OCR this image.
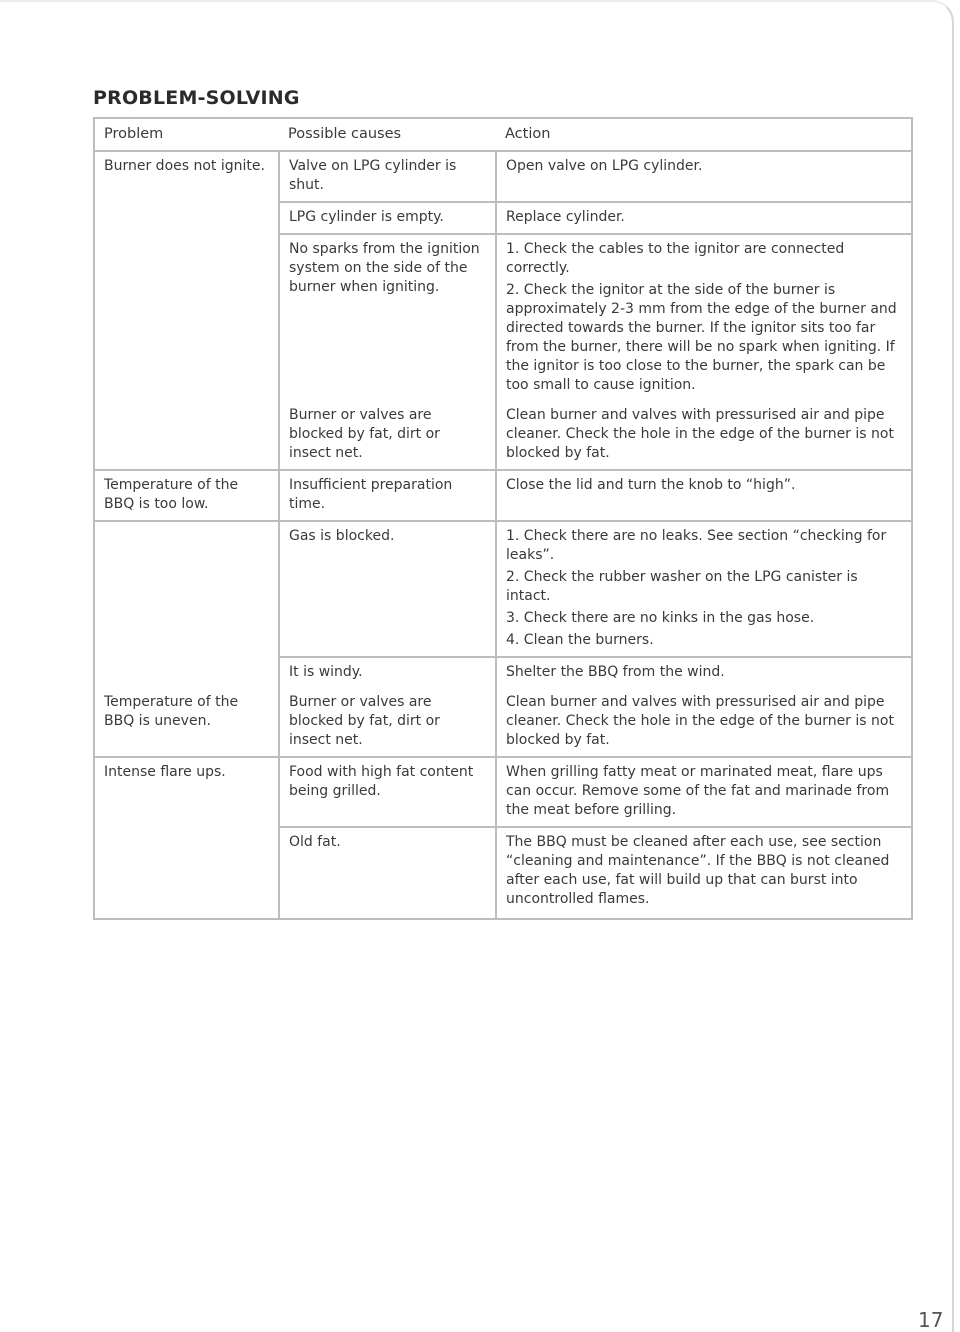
PROBLEM-SOLVING
Problem	Possible causes	Action
Burner does not ignite.	Valve on LPG cylinder is shut.	Open valve on LPG cylinder.

	LPG cylinder is empty.	Replace cylinder.

	No sparks from the ignition system on the side of the burner when igniting.	1. Check the cables to the ignitor are connected correctly.
2. Check the ignitor at the side of the burner is approximately 2-3 mm from the edge of the burner and directed towards the burner. If the ignitor sits too far from the burner, there will be no spark when igniting. If the ignitor is too close to the burner, the spark can be too small to cause ignition.

	Burner or valves are blocked by fat, dirt or insect net.	Clean burner and valves with pressurised air and pipe cleaner. Check the hole in the edge of the burner is not blocked by fat.

Temperature of the BBQ is too low.	Insufficient preparation time.	Close the lid and turn the knob to “high”.

	Gas is blocked.	1. Check there are no leaks. See section “checking for leaks”.
2. Check the rubber washer on the LPG canister is intact.
3. Check there are no kinks in the gas hose.
4. Clean the burners.

	It is windy.	Shelter the BBQ from the wind.

Temperature of the BBQ is uneven.	Burner or valves are blocked by fat, dirt or insect net.	Clean burner and valves with pressurised air and pipe cleaner. Check the hole in the edge of the burner is not blocked by fat.

Intense flare ups.	Food with high fat content being grilled.	When grilling fatty meat or marinated meat, flare ups can occur. Remove some of the fat and marinade from the meat before grilling.

	Old fat.	The BBQ must be cleaned after each use, see section “cleaning and maintenance”. If the BBQ is not cleaned after each use, fat will build up that can burst into uncontrolled flames.
17
